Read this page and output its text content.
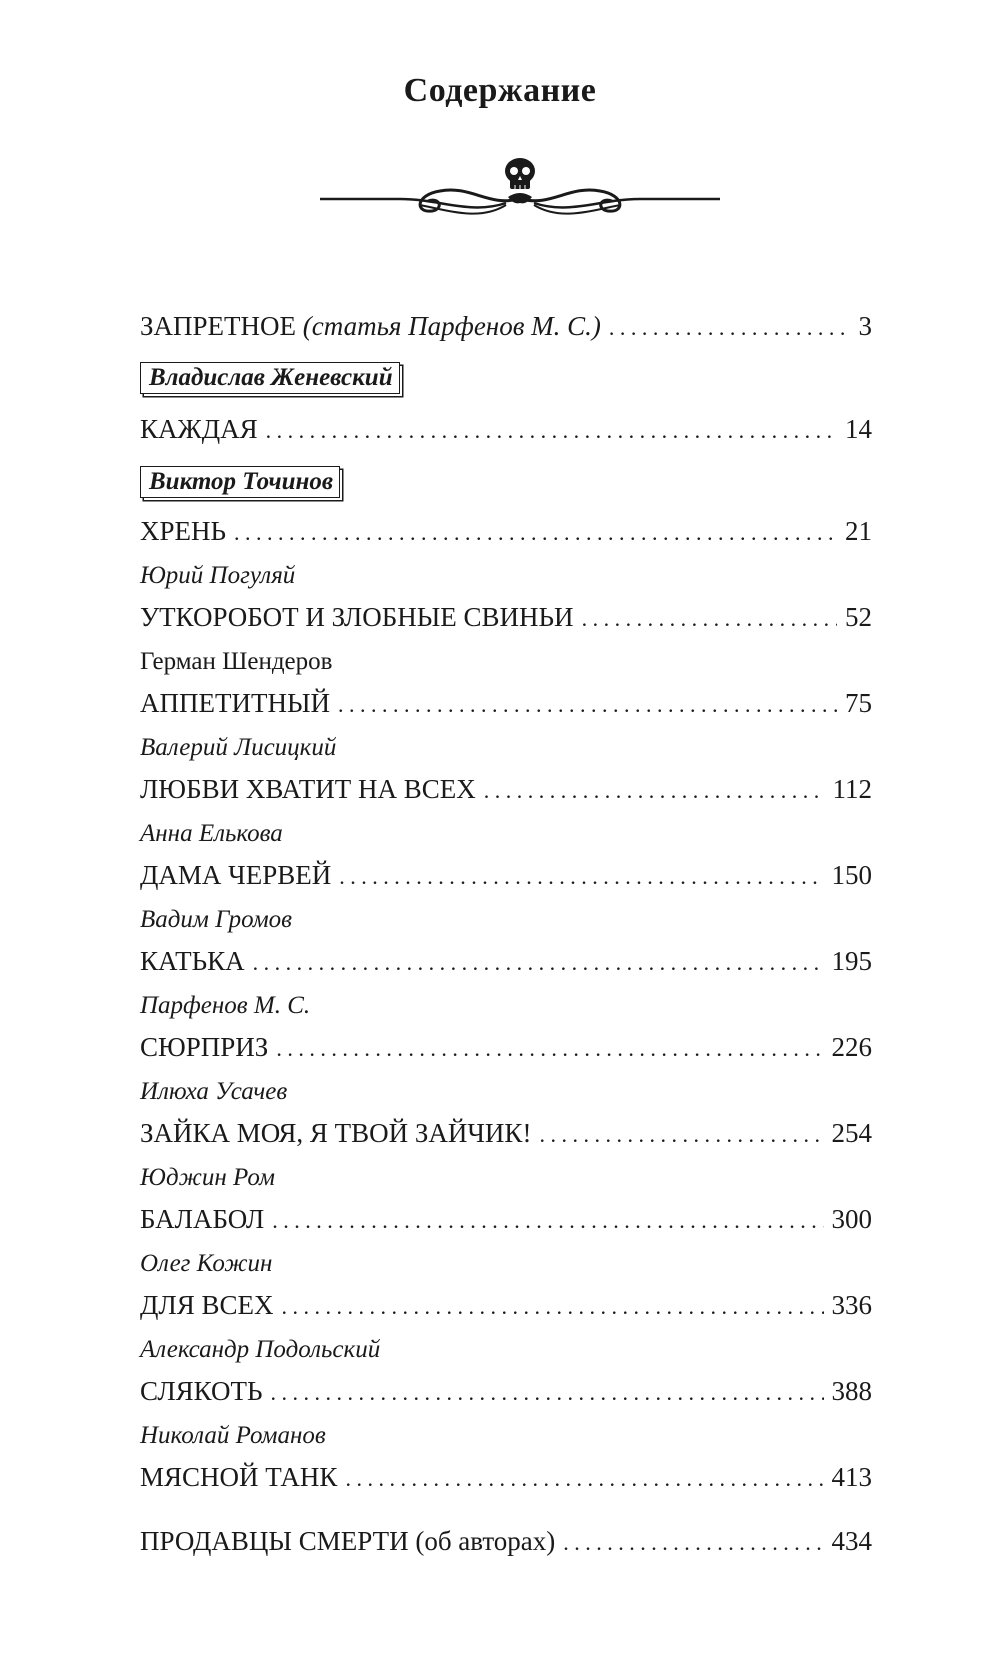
Содержание
ЗАПРЕТНОЕ (статья Парфенов М. С.) . . .	3
Владислав Женевский
КАЖДАЯ . . .	14
Виктор Точинов
ХРЕНЬ . . .	21
Юрий Погуляй
УТКОРОБОТ И ЗЛОБНЫЕ СВИНЬИ . . .	52
Герман Шендеров
АППЕТИТНЫЙ . . .	75
Валерий Лисицкий
ЛЮБВИ ХВАТИТ НА ВСЕХ . . .	112
Анна Елькова
ДАМА ЧЕРВЕЙ . . .	150
Вадим Громов
КАТЬКА . . .	195
Парфенов М. С.
СЮРПРИЗ . . .	226
Илюха Усачев
ЗАЙКА МОЯ, Я ТВОЙ ЗАЙЧИК! . . .	254
Юджин Ром
БАЛАБОЛ . . .	300
Олег Кожин
ДЛЯ ВСЕХ . . .	336
Александр Подольский
СЛЯКОТЬ . . .	388
Николай Романов
МЯСНОЙ ТАНК . . .	413
ПРОДАВЦЫ СМЕРТИ (об авторах) . . .	434
